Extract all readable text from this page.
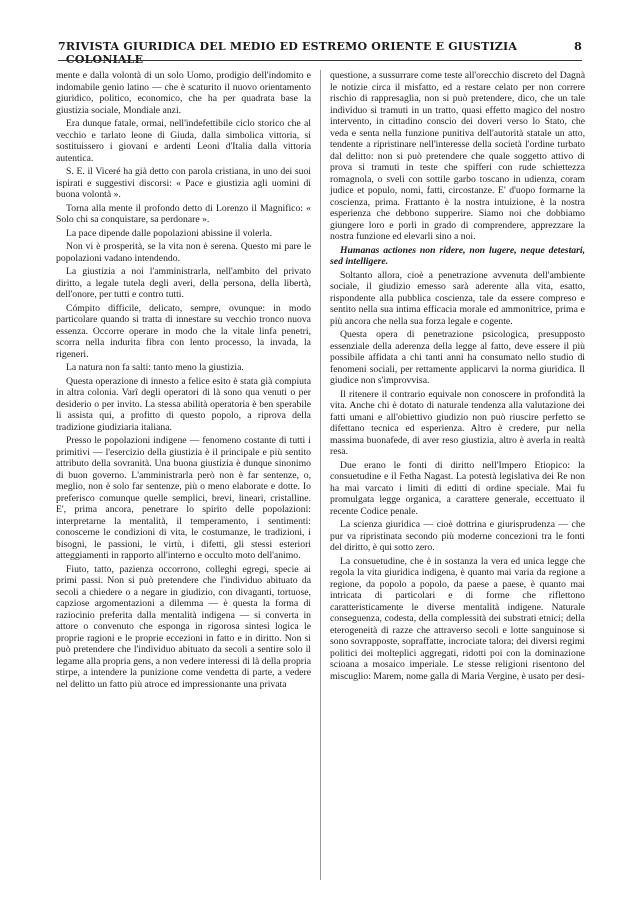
7 RIVISTA GIURIDICA DEL MEDIO ED ESTREMO ORIENTE E GIUSTIZIA COLONIALE
8

mente e dalla volontà di un solo Uomo, prodigio dell'indomito e indomabile genio latino — che è scaturito il nuovo orientamento giuridico, politico, economico, che ha per quadrata base la giustizia sociale, Mondiale anzi.

Era dunque fatale, ormai, nell'indefettibile ciclo storico che al vecchio e tarlato leone di Giuda, dalla simbolica vittoria, si sostituissero i giovani e ardenti Leoni d'Italia dalla vittoria autentica.

S. E. il Viceré ha già detto con parola cristiana, in uno dei suoi ispirati e suggestivi discorsi: « Pace e giustizia agli uomini di buona volontà ».

Torna alla mente il profondo detto di Lorenzo il Magnifico: « Solo chi sa conquistare, sa perdonare ».

La pace dipende dalle popolazioni abissine il volerla.

Non vi è prosperità, se la vita non è serena. Questo mi pare le popolazioni vadano intendendo.

La giustizia a noi l'amministrarla, nell'ambito del privato diritto, a legale tutela degli averi, della persona, della libertà, dell'onore, per tutti e contro tutti.

Cómpito difficile, delicato, sempre, ovunque: in modo particolare quando si tratta di innestare su vecchio tronco nuova essenza. Occorre operare in modo che la vitale linfa penetri, scorra nella indurita fibra con lento processo, la invada, la rigeneri.

La natura non fa salti: tanto meno la giustizia.

Questa operazione di innesto a felice esito è stata già compiuta in altra colonia. Varî degli operatori di là sono qua venuti o per desiderio o per invito. La stessa abilità operatoria è ben sperabile li assista qui, a profitto di questo popolo, a riprova della tradizione giudiziaria italiana.

Presso le popolazioni indigene — fenomeno costante di tutti i primitivi — l'esercizio della giustizia è il principale e più sentito attributo della sovranità. Una buona giustizia è dunque sinonimo di buon governo. L'amministrarla però non è far sentenze, o, meglio, non è solo far sentenze, più o meno elaborate e dotte. Io preferisco comunque quelle semplici, brevi, lineari, cristalline. E', prima ancora, penetrare lo spirito delle popolazioni: interpretarne la mentalità, il temperamento, i sentimenti: conoscerne le condizioni di vita, le costumanze, le tradizioni, i bisogni, le passioni, le virtù, i difetti, gli stessi esteriori atteggiamenti in rapporto all'interno e occulto moto dell'animo.

Fiuto, tatto, pazienza occorrono, colleghi egregi, specie ai primi passi. Non si può pretendere che l'individuo abituato da secoli a chiedere o a negare in giudizio, con divaganti, tortuose, capziose argomentazioni a dilemma — è questa la forma di raziocinio preferita dalla mentalità indigena — si converta in attore o convenuto che esponga in rigorosa sintesi logica le proprie ragioni e le proprie eccezioni in fatto e in diritto. Non si può pretendere che l'individuo abituato da secoli a sentire solo il legame alla propria gens, a non vedere interessi di là della propria stirpe, a intendere la punizione come vendetta di parte, a vedere nel delitto un fatto più atroce ed impressionante una privata

questione, a sussurrare come teste all'orecchio discreto del Dagnà le notizie circa il misfatto, ed a restare celato per non correre rischio di rappresaglia, non si può pretendere, dico, che un tale individuo si tramuti in un tratto, quasi effetto magico del nostro intervento, in cittadino conscio dei doveri verso lo Stato, che veda e senta nella funzione punitiva dell'autorità statale un atto, tendente a ripristinare nell'interesse della società l'ordine turbato dal delitto: non si può pretendere che quale soggetto attivo di prova si tramuti in teste che spifferi con rude schiettezza romagnola, o sveli con sottile garbo toscano in udienza, coram judice et populo, nomi, fatti, circostanze. E' d'uopo formarne la coscienza, prima. Frattanto è la nostra intuizione, è la nostra esperienza che debbono supperire. Siamo noi che dobbiamo giungere loro e porli in grado di comprendere, apprezzare la nostra funzione ed elevarli sino a noi.

Humanas actiones non ridere, non lugere, neque detestari, sed intelligere.

Soltanto allora, cioè a penetrazione avvenuta dell'ambiente sociale, il giudizio emesso sarà aderente alla vita, esatto, rispondente alla pubblica coscienza, tale da essere compreso e sentito nella sua intima efficacia morale ed ammonitrice, prima e più ancora che nella sua forza legale e cogente.

Questa opera di penetrazione psicologica, presupposto essenziale della aderenza della legge al fatto, deve essere il più possibile affidata a chi tanti anni ha consumato nello studio di fenomeni sociali, per rettamente applicarvi la norma giuridica. Il giudice non s'improvvisa.

Il ritenere il contrario equivale non conoscere in profondità la vita. Anche chi è dotato di naturale tendenza alla valutazione dei fatti umani e all'obiettivo giudizio non può riuscire perfetto se difettano tecnica ed esperienza. Altro è credere, pur nella massima buonafede, di aver reso giustizia, altro è averla in realtà resa.

Due erano le fonti di diritto nell'Impero Etiopico: la consuetudine e il Fetha Nagast. La potestà legislativa dei Re non ha mai varcato i limiti di editti di ordine speciale. Mai fu promulgata legge organica, a carattere generale, eccettuato il recente Codice penale.

La scienza giuridica — cioè dottrina e giurisprudenza — che pur va ripristinata secondo più moderne concezioni tra le fonti del diritto, è qui sotto zero.

La consuetudine, che è in sostanza la vera ed unica legge che regola la vita giuridica indigena, è quanto mai varia da regione a regione, da popolo a popolo, da paese a paese, è quanto mai intricata di particolari e di forme che riflettono caratteristicamente le diverse mentalità indigene. Naturale conseguenza, codesta, della complessità dei substrati etnici; della eterogeneità di razze che attraverso secoli e lotte sanguinose si sono sovrapposte, sopraffatte, incrociate talora; dei diversi regimi politici dei molteplici aggregati, ridotti poi con la dominazione scioana a mosaico imperiale. Le stesse religioni risentono del miscuglio: Marem, nome galla di Maria Vergine, è usato per desi-
